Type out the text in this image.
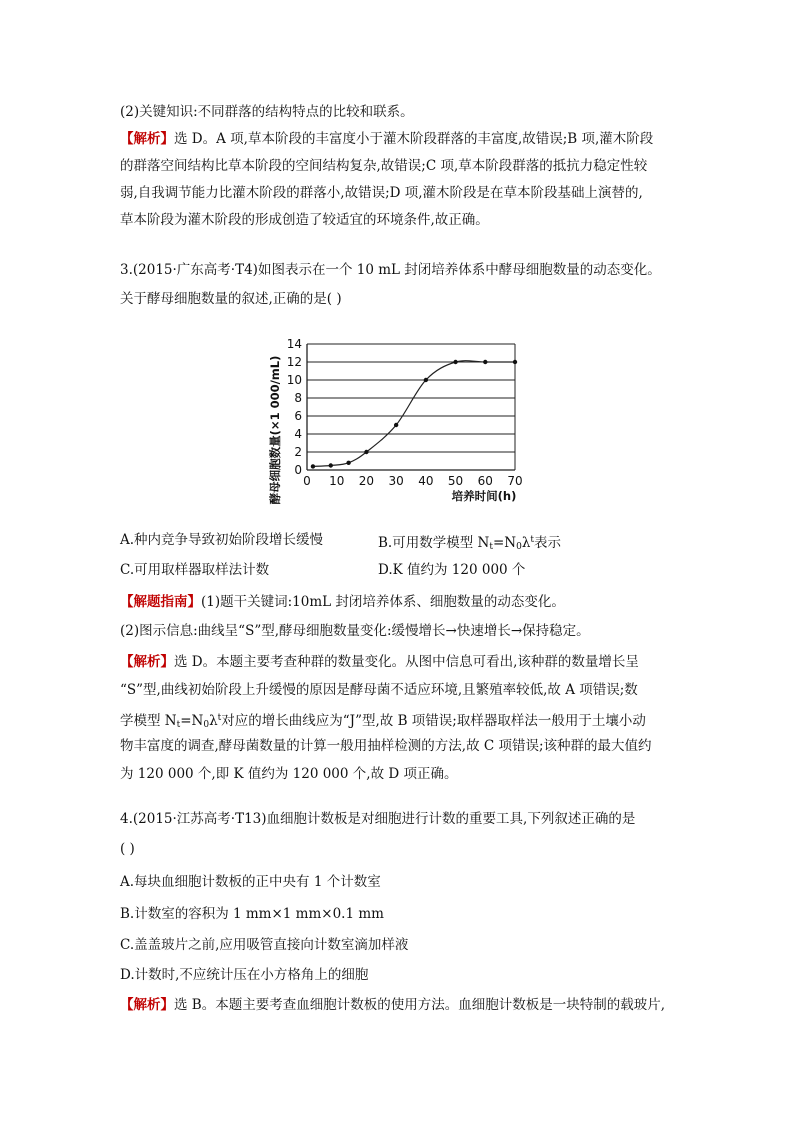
(2)关键知识:不同群落的结构特点的比较和联系。
【解析】选 D。A 项,草本阶段的丰富度小于灌木阶段群落的丰富度,故错误;B 项,灌木阶段
的群落空间结构比草本阶段的空间结构复杂,故错误;C 项,草本阶段群落的抵抗力稳定性较
弱,自我调节能力比灌木阶段的群落小,故错误;D 项,灌木阶段是在草本阶段基础上演替的,
草本阶段为灌木阶段的形成创造了较适宜的环境条件,故正确。
3.(2015·广东高考·T4)如图表示在一个 10 mL 封闭培养体系中酵母细胞数量的动态变化。
关于酵母细胞数量的叙述,正确的是( )
0
2
4
6
8
10
12
14
0 10 20 30 40 50 60 70
酵母细胞数量(×1 000/mL)	培养时间(h)
A.种内竞争导致初始阶段增长缓慢	B.可用数学模型 $N_t=N_0\lambda^t$表示
C.可用取样器取样法计数	D.K 值约为 120 000 个
【解题指南】(1)题干关键词:10mL 封闭培养体系、细胞数量的动态变化。
(2)图示信息:曲线呈“S”型,酵母细胞数量变化:缓慢增长→快速增长→保持稳定。
【解析】选 D。本题主要考查种群的数量变化。从图中信息可看出,该种群的数量增长呈
“S”型,曲线初始阶段上升缓慢的原因是酵母菌不适应环境,且繁殖率较低,故 A 项错误;数
学模型 $N_t=N_0\lambda^t$对应的增长曲线应为“J”型,故 B 项错误;取样器取样法一般用于土壤小动
物丰富度的调查,酵母菌数量的计算一般用抽样检测的方法,故 C 项错误;该种群的最大值约
为 120 000 个,即 K 值约为 120 000 个,故 D 项正确。
4.(2015·江苏高考·T13)血细胞计数板是对细胞进行计数的重要工具,下列叙述正确的是
( )
A.每块血细胞计数板的正中央有 1 个计数室
B.计数室的容积为 1 mm×1 mm×0.1 mm
C.盖盖玻片之前,应用吸管直接向计数室滴加样液
D.计数时,不应统计压在小方格角上的细胞
【解析】选 B。本题主要考查血细胞计数板的使用方法。血细胞计数板是一块特制的载玻片,
